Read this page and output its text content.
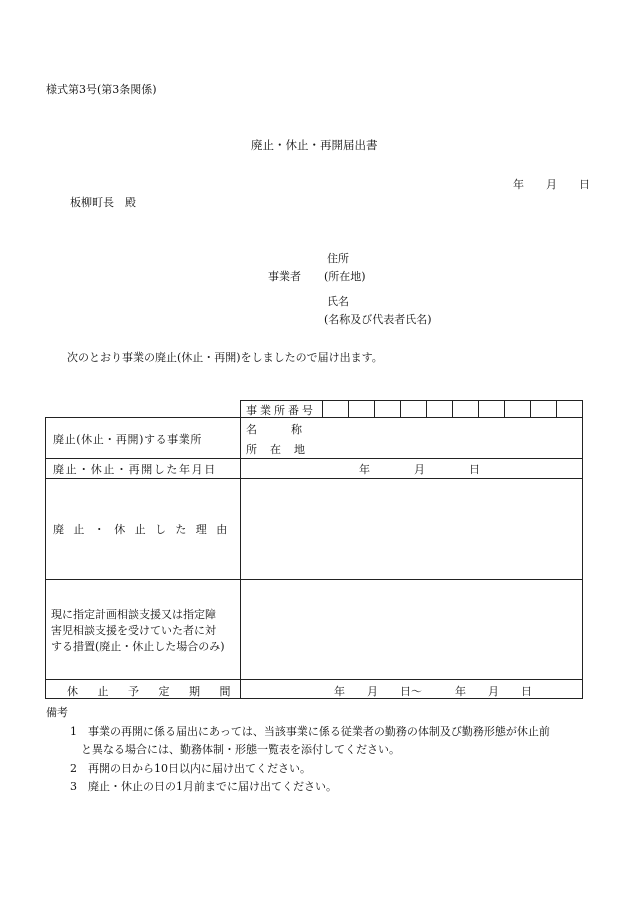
様式第3号(第3条関係)
廃止・休止・再開届出書
年　　月　　日
板柳町長　殿
住所
事業者 (所在地)
氏名
(名称及び代表者氏名)
次のとおり事業の廃止(休止・再開)をしましたので届け出ます。
事業所番号
廃止(休止・再開)する事業所
名称
所在地
廃止・休止・再開した年月日	年　　　　月　　　　日
廃止・休止した理由
現に指定計画相談支援又は指定障
害児相談支援を受けていた者に対
する措置(廃止・休止した場合のみ)
休止予定期間	年　　月　　日～　　　年　　月　　日
備考
1　事業の再開に係る届出にあっては、当該事業に係る従業者の勤務の体制及び勤務形態が休止前
と異なる場合には、勤務体制・形態一覧表を添付してください。
2　再開の日から10日以内に届け出てください。
3　廃止・休止の日の1月前までに届け出てください。
